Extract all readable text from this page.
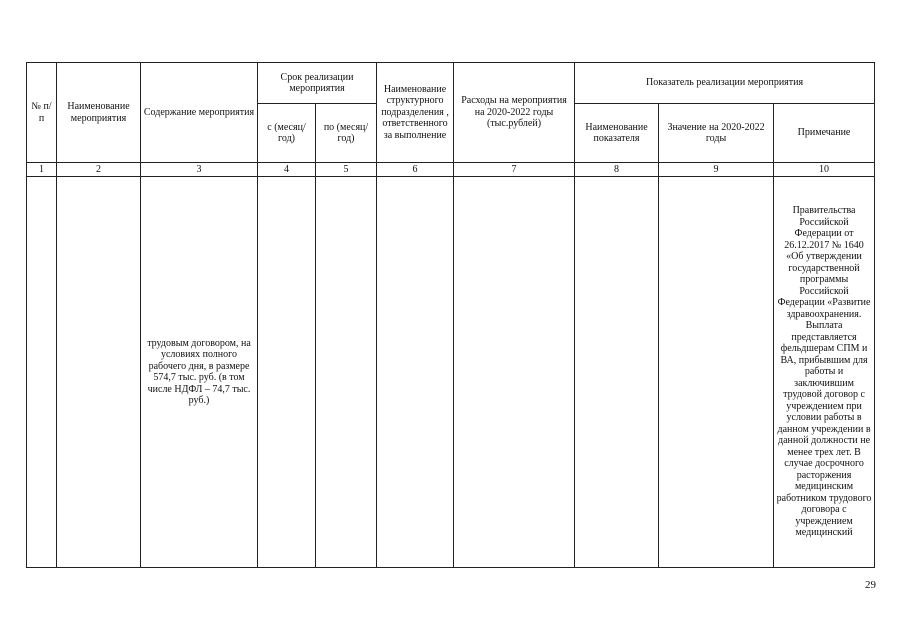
№ п/п	Наименование мероприятия	Содержание мероприятия	Срок реализации мероприятия		Наименование структурного подразделения , ответственного за выполнение	Расходы на мероприятия на 2020-2022 годы (тыс.рублей)	Показатель реализации мероприятия		
			с (месяц/ год)	по (месяц/ год)			Наименование показателя	Значение на 2020-2022 годы	Примечание
1	2	3	4	5	6	7	8	9	10
		трудовым договором, на условиях полного рабочего дня, в размере 574,7 тыс. руб. (в том числе НДФЛ – 74,7 тыс. руб.)							Правительства Российской Федерации от 26.12.2017 № 1640 «Об утверждении государственной программы Российской Федерации «Развитие здравоохранения. Выплата представляется фельдшерам СПМ и ВА, прибывшим для работы и заключившим трудовой договор с учреждением при условии работы в данном учреждении в данной должности не менее трех лет. В случае досрочного расторжения медицинским работником трудового договора с учреждением медицинский
29
